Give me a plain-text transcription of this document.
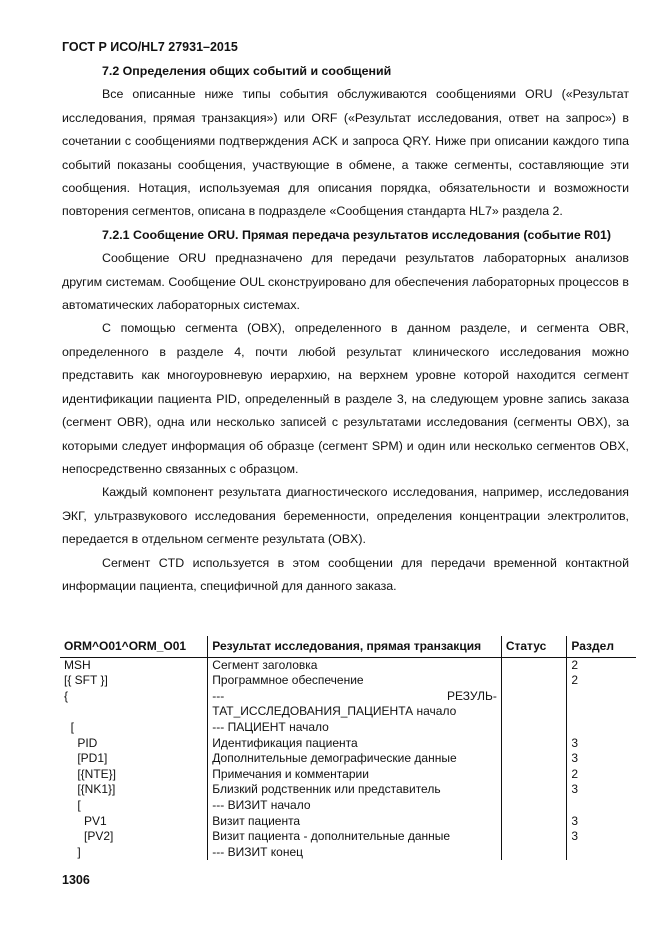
ГОСТ Р ИСО/HL7 27931–2015
7.2 Определения общих событий и сообщений

Все описанные ниже типы события обслуживаются сообщениями ORU («Результат исследования, прямая транзакция») или ORF («Результат исследования, ответ на запрос») в сочетании с сообщениями подтверждения ACK и запроса QRY. Ниже при описании каждого типа событий показаны сообщения, участвующие в обмене, а также сегменты, составляющие эти сообщения. Нотация, используемая для описания порядка, обязательности и возможности повторения сегментов, описана в подразделе «Сообщения стандарта HL7» раздела 2.

7.2.1 Сообщение ORU. Прямая передача результатов исследования (событие R01)

Сообщение ORU предназначено для передачи результатов лабораторных анализов другим системам. Сообщение OUL сконструировано для обеспечения лабораторных процессов в автоматических лабораторных системах.

С помощью сегмента (OBX), определенного в данном разделе, и сегмента OBR, определенного в разделе 4, почти любой результат клинического исследования можно представить как многоуровневую иерархию, на верхнем уровне которой находится сегмент идентификации пациента PID, определенный в разделе 3, на следующем уровне запись заказа (сегмент OBR), одна или несколько записей с результатами исследования (сегменты OBX), за которыми следует информация об образце (сегмент SPM) и один или несколько сегментов OBX, непосредственно связанных с образцом.

Каждый компонент результата диагностического исследования, например, исследования ЭКГ, ультразвукового исследования беременности, определения концентрации электролитов, передается в отдельном сегменте результата (OBX).

Сегмент CTD используется в этом сообщении для передачи временной контактной информации пациента, специфичной для данного заказа.

ORM^O01^ORM_O01	Результат исследования, прямая транзакция	Статус	Раздел
MSH	Сегмент заголовка		2
[{ SFT }]	Программное обеспечение		2
{	--- РЕЗУЛЬ-
ТАТ_ИССЛЕДОВАНИЯ_ПАЦИЕНТА начало		

[	--- ПАЦИЕНТ начало		
PID	Идентификация пациента		3
[PD1]	Дополнительные демографические данные		3
[{NTE}]	Примечания и комментарии		2
[{NK1}]	Близкий родственник или представитель		3
[	--- ВИЗИТ начало		
PV1	Визит пациента		3
[PV2]	Визит пациента - дополнительные данные		3
]	--- ВИЗИТ конец		
1306
